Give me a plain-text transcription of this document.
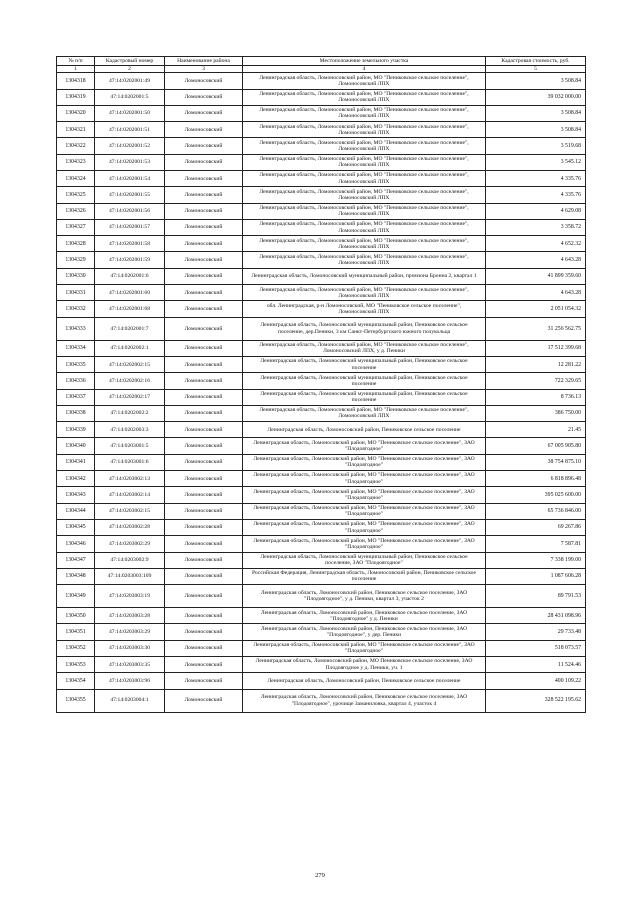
№ п/п	Кадастровый номер	Наименование района	Местоположение земельного участка	Кадастровая стоимость, руб.
1	2	3	4	5
1304318	47:14:0202001:49	Ломоносовский	Ленинградская область, Ломоносовский район, МО "Пениковское сельское поселение", Ломоносовский ЛПХ	3 508.84
1304319	47:14:0202001:5	Ломоносовский	Ленинградская область, Ломоносовский район, МО "Пениковское сельское поселение", Ломоносовский ЛПХ	39 032 000.00
1304320	47:14:0202001:50	Ломоносовский	Ленинградская область, Ломоносовский район, МО "Пениковское сельское поселение", Ломоносовский ЛПХ	3 508.84
1304321	47:14:0202001:51	Ломоносовский	Ленинградская область, Ломоносовский район, МО "Пениковское сельское поселение", Ломоносовский ЛПХ	3 508.84
1304322	47:14:0202001:52	Ломоносовский	Ленинградская область, Ломоносовский район, МО "Пениковское сельское поселение", Ломоносовский ЛПХ	3 519.68
1304323	47:14:0202001:53	Ломоносовский	Ленинградская область, Ломоносовский район, МО "Пениковское сельское поселение", Ломоносовский ЛПХ	3 545.12
1304324	47:14:0202001:54	Ломоносовский	Ленинградская область, Ломоносовский район, МО "Пениковское сельское поселение", Ломоносовский ЛПХ	4 335.76
1304325	47:14:0202001:55	Ломоносовский	Ленинградская область, Ломоносовский район, МО "Пениковское сельское поселение", Ломоносовский ЛПХ	4 335.76
1304326	47:14:0202001:56	Ломоносовский	Ленинградская область, Ломоносовский район, МО "Пениковское сельское поселение", Ломоносовский ЛПХ	4 629.08
1304327	47:14:0202001:57	Ломоносовский	Ленинградская область, Ломоносовский район, МО "Пениковское сельское поселение", Ломоносовский ЛПХ	3 358.72
1304328	47:14:0202001:58	Ломоносовский	Ленинградская область, Ломоносовский район, МО "Пениковское сельское поселение", Ломоносовский ЛПХ	4 652.32
1304329	47:14:0202001:59	Ломоносовский	Ленинградская область, Ломоносовский район, МО "Пениковское сельское поселение", Ломоносовский ЛПХ	4 643.28
1304330	47:14:0202001:6	Ломоносовский	Ленинградская область, Ломоносовский муниципальный район, промзона Бронна 2, квартал 1	41 899 359.60
1304331	47:14:0202001:60	Ломоносовский	Ленинградская область, Ломоносовский район, МО "Пениковское сельское поселение", Ломоносовский ЛПХ	4 643.28
1304332	47:14:0202001:68	Ломоносовский	обл. Ленинградская, р-н Ломоносовский, МО "Пениковское сельское поселение", Ломоносовский ЛПХ	2 051 054.32
1304333	47:14:0202001:7	Ломоносовский	Ленинградская область, Ломоносовский муниципальный район, Пениковское сельское поселение, дер.Пеники, 3 км Санкт-Петербургского южного полукольца	31 256 562.75
1304334	47:14:0202002:1	Ломоносовский	Ленинградская область, Ломоносовский район, МО "Пениковское сельское поселение", Ломоносовский ЛПХ, у д. Пеники	17 512 399.68
1304335	47:14:0202002:15	Ломоносовский	Ленинградская область, Ломоносовский муниципальный район, Пениковское сельское поселение	12 281.22
1304336	47:14:0202002:16	Ломоносовский	Ленинградская область, Ломоносовский муниципальный район, Пениковское сельское поселение	722 329.65
1304337	47:14:0202002:17	Ломоносовский	Ленинградская область, Ломоносовский муниципальный район, Пениковское сельское поселение	8 736.13
1304338	47:14:0202002:2	Ломоносовский	Ленинградская область, Ломоносовский район, МО "Пениковское сельское поселение", Ломоносовский ЛПХ	386 750.00
1304339	47:14:0202003:3	Ломоносовский	Ленинградская область, Ломоносовский район, Пениковское сельское поселение	21.45
1304340	47:14:0203001:5	Ломоносовский	Ленинградская область, Ломоносовский район, МО "Пениковское сельское поселение", ЗАО "Плодоягодное"	67 005 905.80
1304341	47:14:0203001:6	Ломоносовский	Ленинградская область, Ломоносовский район, МО "Пениковское сельское поселение", ЗАО "Плодоягодное"	38 754 875.10
1304342	47:14:0203002:13	Ломоносовский	Ленинградская область, Ломоносовский район, МО "Пениковское сельское поселение", ЗАО "Плодоягодное"	6 818 896.48
1304343	47:14:0203002:14	Ломоносовский	Ленинградская область, Ломоносовский район, МО "Пениковское сельское поселение", ЗАО "Плодоягодное"	395 025 600.00
1304344	47:14:0203002:15	Ломоносовский	Ленинградская область, Ломоносовский район, МО "Пениковское сельское поселение", ЗАО "Плодоягодное"	65 736 846.00
1304345	47:14:0203002:28	Ломоносовский	Ленинградская область, Ломоносовский район, МО "Пениковское сельское поселение", ЗАО "Плодоягодное"	69 267.86
1304346	47:14:0203002:29	Ломоносовский	Ленинградская область, Ломоносовский район, МО "Пениковское сельское поселение", ЗАО "Плодоягодное"	7 587.81
1304347	47:14:0203002:9	Ломоносовский	Ленинградская область, Ломоносовский муниципальный район, Пениковское сельское поселение, ЗАО "Плодоягодное"	7 338 199.00
1304348	47:14:0203003:109	Ломоносовский	Российская Федерация, Ленинградская область, Ломоносовский район, Пениковское сельское поселение	1 087 606.28
1304349	47:14:0203003:19	Ломоносовский	Ленинградская область, Ломоносовский район, Пениковское сельское поселение, ЗАО "Плодоягодное", у д. Пеники, квартал 3, участок 2	89 791.53
1304350	47:14:0203003:28	Ломоносовский	Ленинградская область, Ломоносовский район, Пениковское сельское поселение, ЗАО "Плодоягодное" у д. Пеники	28 431 098.96
1304351	47:14:0203003:29	Ломоносовский	Ленинградская область, Ломоносовский район, Пениковское сельское поселение, ЗАО "Плодоягодное", у дер. Пеники	29 733.48
1304352	47:14:0203003:30	Ломоносовский	Ленинградская область, Ломоносовский район, МО "Пениковское сельское поселение", ЗАО "Плодоягодное"	518 073.57
1304353	47:14:0203003:35	Ломоносовский	Ленинградская область, Ломоносовский район, МО Пениковское сельское поселение, ЗАО Плодоягодное у д. Пеники, уч. 1	11 524.46
1304354	47:14:0203003:96	Ломоносовский	Ленинградская область, Ломоносовский район, Пениковское сельское поселение	400 109.22
1304355	47:14:0203004:1	Ломоносовский	Ленинградская область, Ломоносовский район, Пениковское сельское поселение, ЗАО "Плодоягодное", урочище Заманиловка, квартал 4, участок 4	328 522 195.62
279
